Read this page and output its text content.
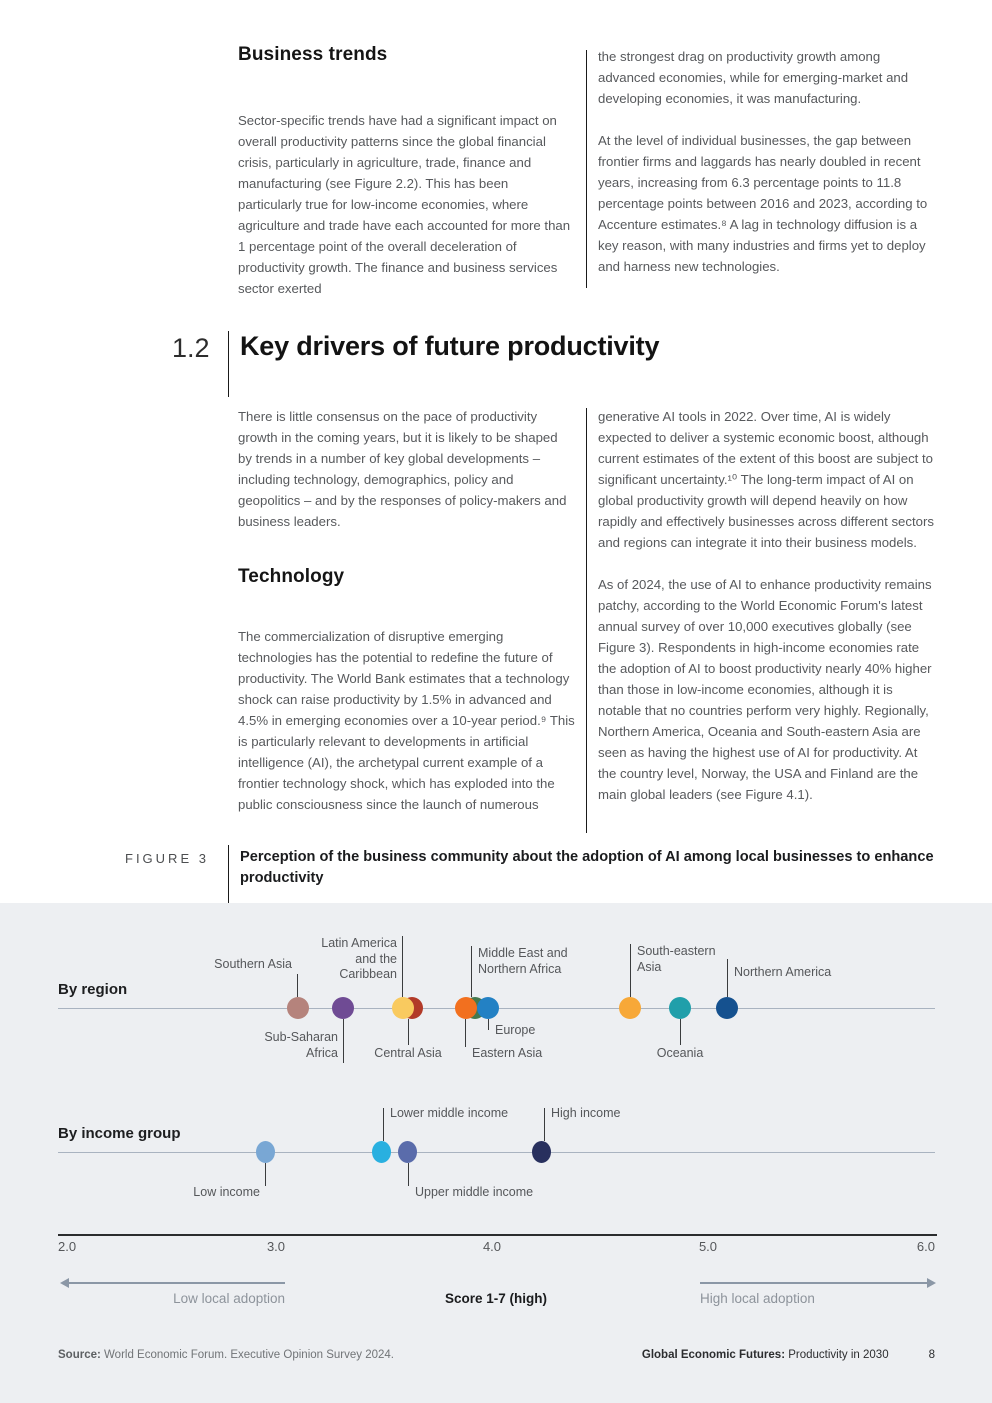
Business trends
Sector-specific trends have had a significant impact on overall productivity patterns since the global financial crisis, particularly in agriculture, trade, finance and manufacturing (see Figure 2.2). This has been particularly true for low-income economies, where agriculture and trade have each accounted for more than 1 percentage point of the overall deceleration of productivity growth. The finance and business services sector exerted
the strongest drag on productivity growth among advanced economies, while for emerging-market and developing economies, it was manufacturing.
At the level of individual businesses, the gap between frontier firms and laggards has nearly doubled in recent years, increasing from 6.3 percentage points to 11.8 percentage points between 2016 and 2023, according to Accenture estimates.⁸ A lag in technology diffusion is a key reason, with many industries and firms yet to deploy and harness new technologies.
1.2 Key drivers of future productivity
There is little consensus on the pace of productivity growth in the coming years, but it is likely to be shaped by trends in a number of key global developments – including technology, demographics, policy and geopolitics – and by the responses of policy-makers and business leaders.
Technology
The commercialization of disruptive emerging technologies has the potential to redefine the future of productivity. The World Bank estimates that a technology shock can raise productivity by 1.5% in advanced and 4.5% in emerging economies over a 10-year period.⁹ This is particularly relevant to developments in artificial intelligence (AI), the archetypal current example of a frontier technology shock, which has exploded into the public consciousness since the launch of numerous
generative AI tools in 2022. Over time, AI is widely expected to deliver a systemic economic boost, although current estimates of the extent of this boost are subject to significant uncertainty.¹⁰ The long-term impact of AI on global productivity growth will depend heavily on how rapidly and effectively businesses across different sectors and regions can integrate it into their business models.
As of 2024, the use of AI to enhance productivity remains patchy, according to the World Economic Forum's latest annual survey of over 10,000 executives globally (see Figure 3). Respondents in high-income economies rate the adoption of AI to boost productivity nearly 40% higher than those in low-income economies, although it is notable that no countries perform very highly. Regionally, Northern America, Oceania and South-eastern Asia are seen as having the highest use of AI for productivity. At the country level, Norway, the USA and Finland are the main global leaders (see Figure 4.1).
FIGURE 3 Perception of the business community about the adoption of AI among local businesses to enhance productivity
By region
Southern Asia
Sub-Saharan
Africa	Central Asia
Latin America
and the
Caribbean
Middle East and
Northern Africa
Eastern Asia
Europe
South-eastern
Asia
Oceania
Northern America
By income group
Low income
Lower middle income
Upper middle income
High income
2.0	3.0	4.0	5.0	6.0
Low local adoption	Score 1-7 (high)	High local adoption
Source: World Economic Forum. Executive Opinion Survey 2024.	Global Economic Futures: Productivity in 2030	8
